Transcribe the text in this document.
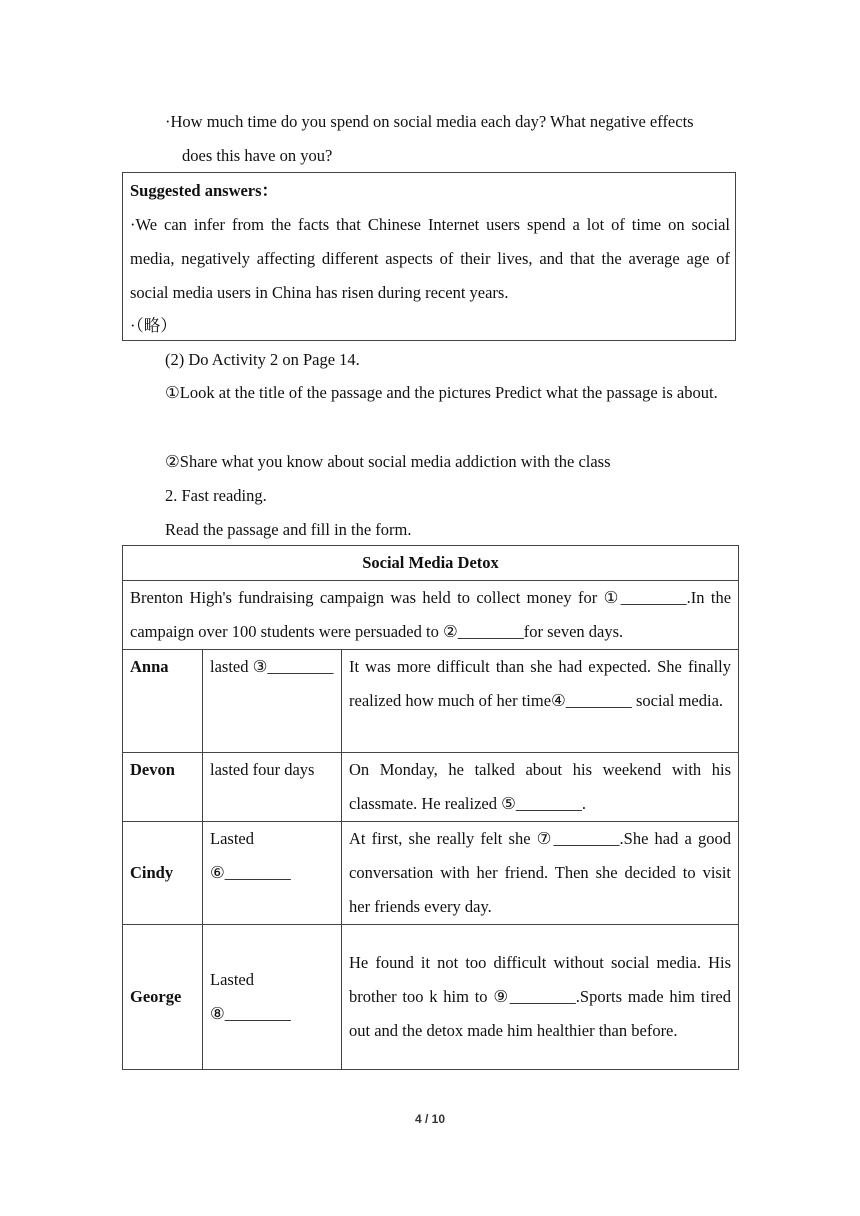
·How much time do you spend on social media each day? What negative effects
does this have on you?
Suggested answers：
·We can infer from the facts that Chinese Internet users spend a lot of time on social media, negatively affecting different aspects of their lives, and that the average age of social media users in China has risen during recent years.
·（略）
(2) Do Activity 2 on Page 14.
①Look at the title of the passage and the pictures Predict what the passage is about.
②Share what you know about social media addiction with the class
2. Fast reading.
Read the passage and fill in the form.
Social Media Detox		
Brenton High's fundraising campaign was held to collect money for ①________.In the campaign over 100 students were persuaded to ②________for seven days.		
Anna	lasted ③________	It was more difficult than she had expected. She finally realized how much of her time④________ social media.
Devon	lasted four days	On Monday, he talked about his weekend with his classmate. He realized ⑤________.
Cindy	Lasted ⑥________	At first, she really felt she ⑦________.She had a good conversation with her friend. Then she decided to visit her friends every day.
George	Lasted ⑧________	He found it not too difficult without social media. His brother too k him to ⑨________.Sports made him tired out and the detox made him healthier than before.
4 / 10
